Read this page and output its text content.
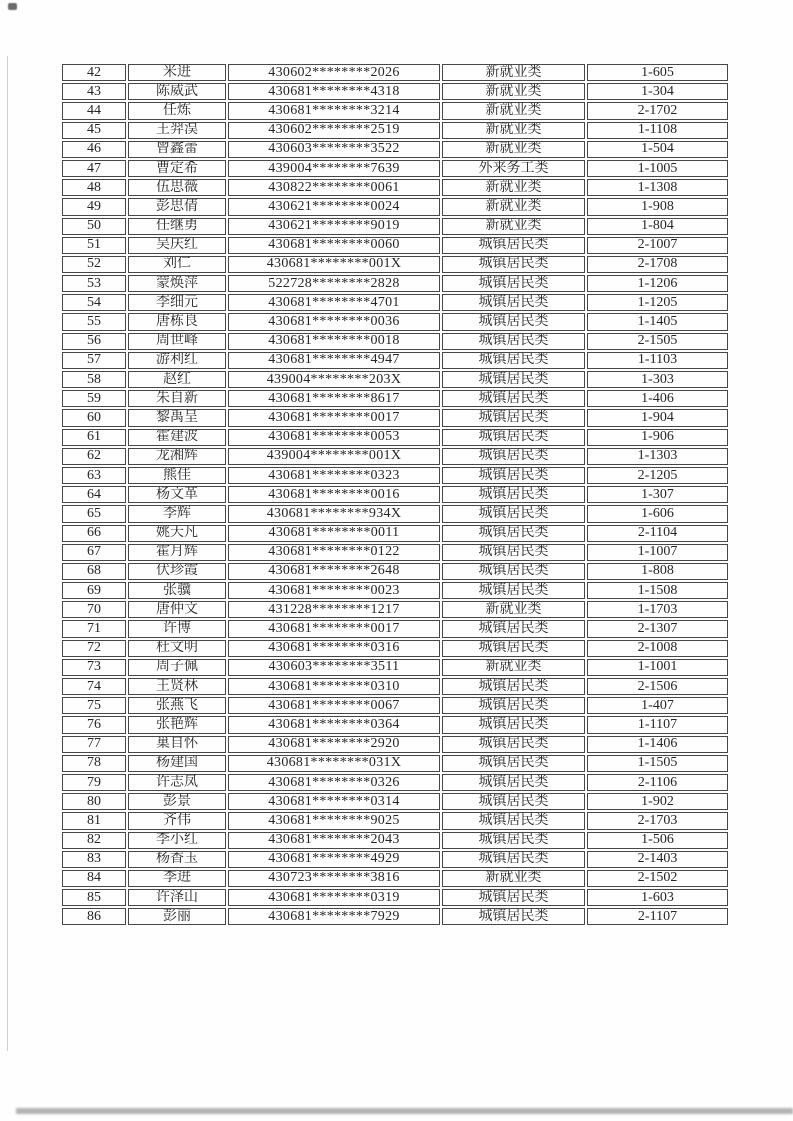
42	米进	430602********2026	新就业类	1-605
43	陈威武	430681********4318	新就业类	1-304
44	任炼	430681********3214	新就业类	2-1702
45	王羿淏	430602********2519	新就业类	1-1108
46	曾鑫蕾	430603********3522	新就业类	1-504
47	曹定希	439004********7639	外来务工类	1-1005
48	伍思薇	430822********0061	新就业类	1-1308
49	彭思倩	430621********0024	新就业类	1-908
50	任继勇	430621********9019	新就业类	1-804
51	吴庆红	430681********0060	城镇居民类	2-1007
52	刘仁	430681********001X	城镇居民类	2-1708
53	蒙焕萍	522728********2828	城镇居民类	1-1206
54	李细元	430681********4701	城镇居民类	1-1205
55	唐栋良	430681********0036	城镇居民类	1-1405
56	周世峰	430681********0018	城镇居民类	2-1505
57	游利红	430681********4947	城镇居民类	1-1103
58	赵红	439004********203X	城镇居民类	1-303
59	朱自新	430681********8617	城镇居民类	1-406
60	黎禹呈	430681********0017	城镇居民类	1-904
61	霍建波	430681********0053	城镇居民类	1-906
62	龙湘辉	439004********001X	城镇居民类	1-1303
63	熊佳	430681********0323	城镇居民类	2-1205
64	杨文革	430681********0016	城镇居民类	1-307
65	李辉	430681********934X	城镇居民类	1-606
66	姚天凡	430681********0011	城镇居民类	2-1104
67	霍月辉	430681********0122	城镇居民类	1-1007
68	伏珍霞	430681********2648	城镇居民类	1-808
69	张骥	430681********0023	城镇居民类	1-1508
70	唐仲文	431228********1217	新就业类	1-1703
71	许博	430681********0017	城镇居民类	2-1307
72	杜文明	430681********0316	城镇居民类	2-1008
73	周子佩	430603********3511	新就业类	1-1001
74	王贤林	430681********0310	城镇居民类	2-1506
75	张燕飞	430681********0067	城镇居民类	1-407
76	张艳辉	430681********0364	城镇居民类	1-1107
77	巢自怀	430681********2920	城镇居民类	1-1406
78	杨建国	430681********031X	城镇居民类	1-1505
79	许志凤	430681********0326	城镇居民类	2-1106
80	彭景	430681********0314	城镇居民类	1-902
81	齐伟	430681********9025	城镇居民类	2-1703
82	李小红	430681********2043	城镇居民类	1-506
83	杨香玉	430681********4929	城镇居民类	2-1403
84	李进	430723********3816	新就业类	2-1502
85	许泽山	430681********0319	城镇居民类	1-603
86	彭丽	430681********7929	城镇居民类	2-1107
